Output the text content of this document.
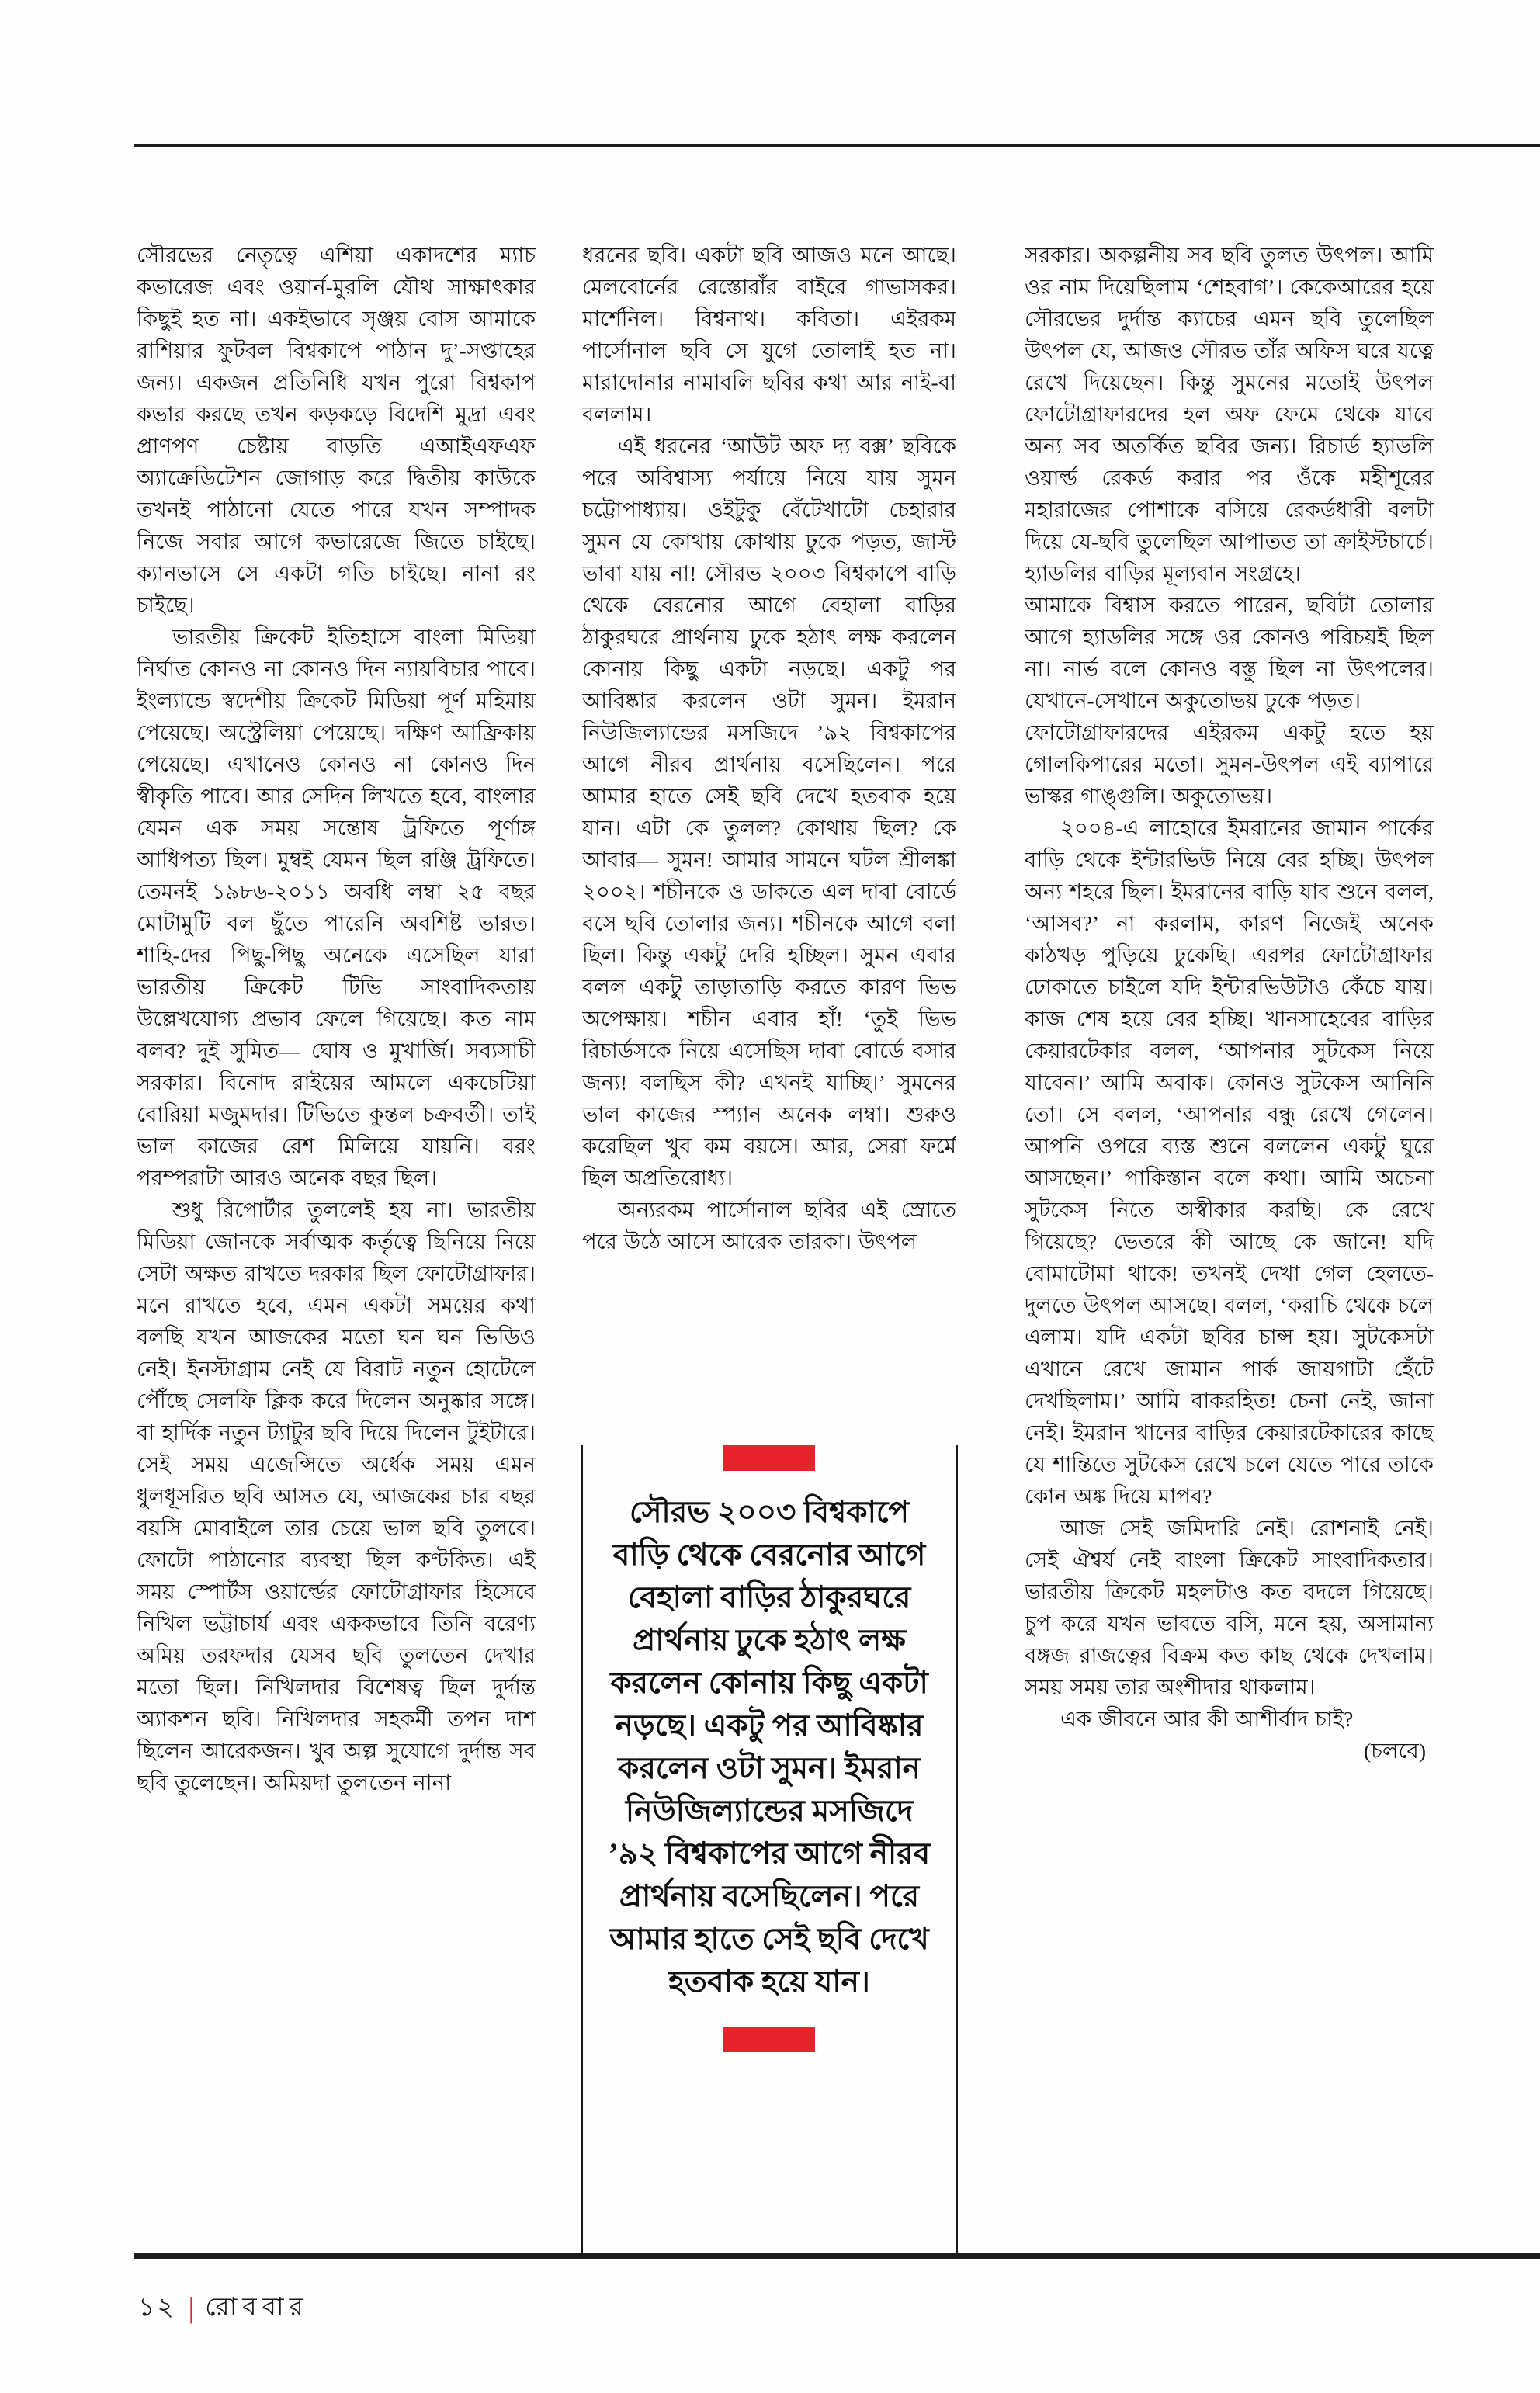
সৌরভের নেতৃত্বে এশিয়া একাদশের ম্যাচ কভারেজ এবং ওয়ার্ন-মুরলি যৌথ সাক্ষাৎকার কিছুই হত না। একইভাবে সৃঞ্জয় বোস আমাকে রাশিয়ার ফুটবল বিশ্বকাপে পাঠান দু’-সপ্তাহের জন্য। একজন প্রতিনিধি যখন পুরো বিশ্বকাপ কভার করছে তখন কড়কড়ে বিদেশি মুদ্রা এবং প্রাণপণ চেষ্টায় বাড়তি এআইএফএফ অ্যাক্রেডিটেশন জোগাড় করে দ্বিতীয় কাউকে তখনই পাঠানো যেতে পারে যখন সম্পাদক নিজে সবার আগে কভারেজে জিতে চাইছে। ক্যানভাসে সে একটা গতি চাইছে। নানা রং চাইছে।

ভারতীয় ক্রিকেট ইতিহাসে বাংলা মিডিয়া নির্ঘাত কোনও না কোনও দিন ন্যায়বিচার পাবে। ইংল্যান্ডে স্বদেশীয় ক্রিকেট মিডিয়া পূর্ণ মহিমায় পেয়েছে। অস্ট্রেলিয়া পেয়েছে। দক্ষিণ আফ্রিকায় পেয়েছে। এখানেও কোনও না কোনও দিন স্বীকৃতি পাবে। আর সেদিন লিখতে হবে, বাংলার যেমন এক সময় সন্তোষ ট্রফিতে পূর্ণাঙ্গ আধিপত্য ছিল। মুম্বই যেমন ছিল রঞ্জি ট্রফিতে। তেমনই ১৯৮৬-২০১১ অবধি লম্বা ২৫ বছর মোটামুটি বল ছুঁতে পারেনি অবশিষ্ট ভারত। শাহি-দের পিছু-পিছু অনেকে এসেছিল যারা ভারতীয় ক্রিকেট টিভি সাংবাদিকতায় উল্লেখযোগ্য প্রভাব ফেলে গিয়েছে। কত নাম বলব? দুই সুমিত— ঘোষ ও মুখার্জি। সব্যসাচী সরকার। বিনোদ রাইয়ের আমলে একচেটিয়া বোরিয়া মজুমদার। টিভিতে কুন্তল চক্রবর্তী। তাই ভাল কাজের রেশ মিলিয়ে যায়নি। বরং পরম্পরাটা আরও অনেক বছর ছিল।

শুধু রিপোর্টার তুললেই হয় না। ভারতীয় মিডিয়া জোনকে সর্বাত্মক কর্তৃত্বে ছিনিয়ে নিয়ে সেটা অক্ষত রাখতে দরকার ছিল ফোটোগ্রাফার। মনে রাখতে হবে, এমন একটা সময়ের কথা বলছি যখন আজকের মতো ঘন ঘন ভিডিও নেই। ইনস্টাগ্রাম নেই যে বিরাট নতুন হোটেলে পৌঁছে সেলফি ক্লিক করে দিলেন অনুষ্কার সঙ্গে। বা হার্দিক নতুন ট্যাটুর ছবি দিয়ে দিলেন টুইটারে। সেই সময় এজেন্সিতে অর্ধেক সময় এমন ধুলধূসরিত ছবি আসত যে, আজকের চার বছর বয়সি মোবাইলে তার চেয়ে ভাল ছবি তুলবে। ফোটো পাঠানোর ব্যবস্থা ছিল কণ্টকিত। এই সময় স্পোর্টস ওয়ার্ল্ডের ফোটোগ্রাফার হিসেবে নিখিল ভট্টাচার্য এবং এককভাবে তিনি বরেণ্য অমিয় তরফদার যেসব ছবি তুলতেন দেখার মতো ছিল। নিখিলদার বিশেষত্ব ছিল দুর্দান্ত অ্যাকশন ছবি। নিখিলদার সহকর্মী তপন দাশ ছিলেন আরেকজন। খুব অল্প সুযোগে দুর্দান্ত সব ছবি তুলেছেন। অমিয়দা তুলতেন নানা

ধরনের ছবি। একটা ছবি আজও মনে আছে। মেলবোর্নের রেস্তোরাঁর বাইরে গাভাসকর। মার্শেনিল। বিশ্বনাথ। কবিতা। এইরকম পার্সোনাল ছবি সে যুগে তোলাই হত না। মারাদোনার নামাবলি ছবির কথা আর নাই-বা বললাম।

এই ধরনের ‘আউট অফ দ্য বক্স’ ছবিকে পরে অবিশ্বাস্য পর্যায়ে নিয়ে যায় সুমন চট্টোপাধ্যায়। ওইটুকু বেঁটেখাটো চেহারার সুমন যে কোথায় কোথায় ঢুকে পড়ত, জাস্ট ভাবা যায় না! সৌরভ ২০০৩ বিশ্বকাপে বাড়ি থেকে বেরনোর আগে বেহালা বাড়ির ঠাকুরঘরে প্রার্থনায় ঢুকে হঠাৎ লক্ষ করলেন কোনায় কিছু একটা নড়ছে। একটু পর আবিষ্কার করলেন ওটা সুমন। ইমরান নিউজিল্যান্ডের মসজিদে ’৯২ বিশ্বকাপের আগে নীরব প্রার্থনায় বসেছিলেন। পরে আমার হাতে সেই ছবি দেখে হতবাক হয়ে যান। এটা কে তুলল? কোথায় ছিল? কে আবার— সুমন! আমার সামনে ঘটল শ্রীলঙ্কা ২০০২। শচীনকে ও ডাকতে এল দাবা বোর্ডে বসে ছবি তোলার জন্য। শচীনকে আগে বলা ছিল। কিন্তু একটু দেরি হচ্ছিল। সুমন এবার বলল একটু তাড়াতাড়ি করতে কারণ ভিভ অপেক্ষায়। শচীন এবার হাঁ! ‘তুই ভিভ রিচার্ডসকে নিয়ে এসেছিস দাবা বোর্ডে বসার জন্য! বলছিস কী? এখনই যাচ্ছি।’ সুমনের ভাল কাজের স্প্যান অনেক লম্বা। শুরুও করেছিল খুব কম বয়সে। আর, সেরা ফর্মে ছিল অপ্রতিরোধ্য।

অন্যরকম পার্সোনাল ছবির এই স্রোতে পরে উঠে আসে আরেক তারকা। উৎপল

সৌরভ ২০০৩ বিশ্বকাপে বাড়ি থেকে বেরনোর আগে বেহালা বাড়ির ঠাকুরঘরে প্রার্থনায় ঢুকে হঠাৎ লক্ষ করলেন কোনায় কিছু একটা নড়ছে। একটু পর আবিষ্কার করলেন ওটা সুমন। ইমরান নিউজিল্যান্ডের মসজিদে ’৯২ বিশ্বকাপের আগে নীরব প্রার্থনায় বসেছিলেন। পরে আমার হাতে সেই ছবি দেখে হতবাক হয়ে যান।

সরকার। অকল্পনীয় সব ছবি তুলত উৎপল। আমি ওর নাম দিয়েছিলাম ‘শেহবাগ’। কেকেআরের হয়ে সৌরভের দুর্দান্ত ক্যাচের এমন ছবি তুলেছিল উৎপল যে, আজও সৌরভ তাঁর অফিস ঘরে যত্নে রেখে দিয়েছেন। কিন্তু সুমনের মতোই উৎপল ফোটোগ্রাফারদের হল অফ ফেমে থেকে যাবে অন্য সব অতর্কিত ছবির জন্য। রিচার্ড হ্যাডলি ওয়ার্ল্ড রেকর্ড করার পর ওঁকে মহীশূরের মহারাজের পোশাকে বসিয়ে রেকর্ডধারী বলটা দিয়ে যে-ছবি তুলেছিল আপাতত তা ক্রাইস্টচার্চে। হ্যাডলির বাড়ির মূল্যবান সংগ্রহে।

আমাকে বিশ্বাস করতে পারেন, ছবিটা তোলার আগে হ্যাডলির সঙ্গে ওর কোনও পরিচয়ই ছিল না। নার্ভ বলে কোনও বস্তু ছিল না উৎপলের। যেখানে-সেখানে অকুতোভয় ঢুকে পড়ত।

ফোটোগ্রাফারদের এইরকম একটু হতে হয় গোলকিপারের মতো। সুমন-উৎপল এই ব্যাপারে ভাস্কর গাঙ্গুলি। অকুতোভয়।

২০০৪-এ লাহোরে ইমরানের জামান পার্কের বাড়ি থেকে ইন্টারভিউ নিয়ে বের হচ্ছি। উৎপল অন্য শহরে ছিল। ইমরানের বাড়ি যাব শুনে বলল, ‘আসব?’ না করলাম, কারণ নিজেই অনেক কাঠখড় পুড়িয়ে ঢুকেছি। এরপর ফোটোগ্রাফার ঢোকাতে চাইলে যদি ইন্টারভিউটাও কেঁচে যায়। কাজ শেষ হয়ে বের হচ্ছি। খানসাহেবের বাড়ির কেয়ারটেকার বলল, ‘আপনার সুটকেস নিয়ে যাবেন।’ আমি অবাক। কোনও সুটকেস আনিনি তো। সে বলল, ‘আপনার বন্ধু রেখে গেলেন। আপনি ওপরে ব্যস্ত শুনে বললেন একটু ঘুরে আসছেন।’ পাকিস্তান বলে কথা। আমি অচেনা সুটকেস নিতে অস্বীকার করছি। কে রেখে গিয়েছে? ভেতরে কী আছে কে জানে! যদি বোমাটোমা থাকে! তখনই দেখা গেল হেলতে-দুলতে উৎপল আসছে। বলল, ‘করাচি থেকে চলে এলাম। যদি একটা ছবির চান্স হয়। সুটকেসটা এখানে রেখে জামান পার্ক জায়গাটা হেঁটে দেখছিলাম।’ আমি বাকরহিত! চেনা নেই, জানা নেই। ইমরান খানের বাড়ির কেয়ারটেকারের কাছে যে শান্তিতে সুটকেস রেখে চলে যেতে পারে তাকে কোন অঙ্ক দিয়ে মাপব?

আজ সেই জমিদারি নেই। রোশনাই নেই। সেই ঐশ্বর্য নেই বাংলা ক্রিকেট সাংবাদিকতার। ভারতীয় ক্রিকেট মহলটাও কত বদলে গিয়েছে। চুপ করে যখন ভাবতে বসি, মনে হয়, অসামান্য বঙ্গজ রাজত্বের বিক্রম কত কাছ থেকে দেখলাম। সময় সময় তার অংশীদার থাকলাম।

এক জীবনে আর কী আশীর্বাদ চাই?

(চলবে)

১২ | রোববার
